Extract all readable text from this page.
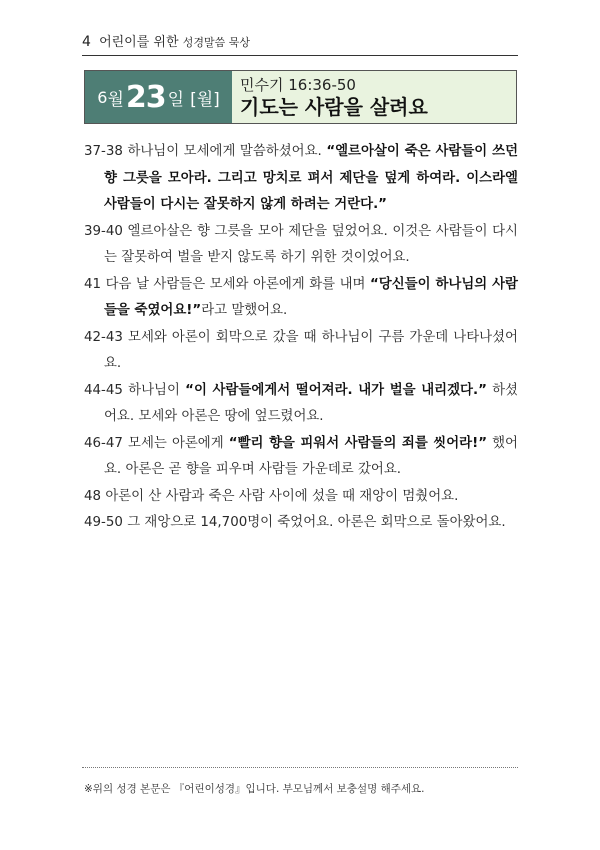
4 어린이를 위한 성경말씀 묵상
6 월 23 일 [월]
민수기 16:36-50
기도는 사람을 살려요

37-38 하나님이 모세에게 말씀하셨어요. “엘르아살이 죽은 사람들이 쓰던 향 그릇을 모아라. 그리고 망치로 펴서 제단을 덮게 하여라. 이스라엘 사람들이 다시는 잘못하지 않게 하려는 거란다.”

39-40 엘르아살은 향 그릇을 모아 제단을 덮었어요. 이것은 사람들이 다시는 잘못하여 벌을 받지 않도록 하기 위한 것이었어요.

41 다음 날 사람들은 모세와 아론에게 화를 내며 “당신들이 하나님의 사람들을 죽였어요!”라고 말했어요.

42-43 모세와 아론이 회막으로 갔을 때 하나님이 구름 가운데 나타나셨어요.

44-45 하나님이 “이 사람들에게서 떨어져라. 내가 벌을 내리겠다.” 하셨어요. 모세와 아론은 땅에 엎드렸어요.

46-47 모세는 아론에게 “빨리 향을 피워서 사람들의 죄를 씻어라!” 했어요. 아론은 곧 향을 피우며 사람들 가운데로 갔어요.

48 아론이 산 사람과 죽은 사람 사이에 섰을 때 재앙이 멈췄어요.

49-50 그 재앙으로 14,700명이 죽었어요. 아론은 회막으로 돌아왔어요.

※위의 성경 본문은 『어린이성경』입니다. 부모님께서 보충설명 해주세요.
